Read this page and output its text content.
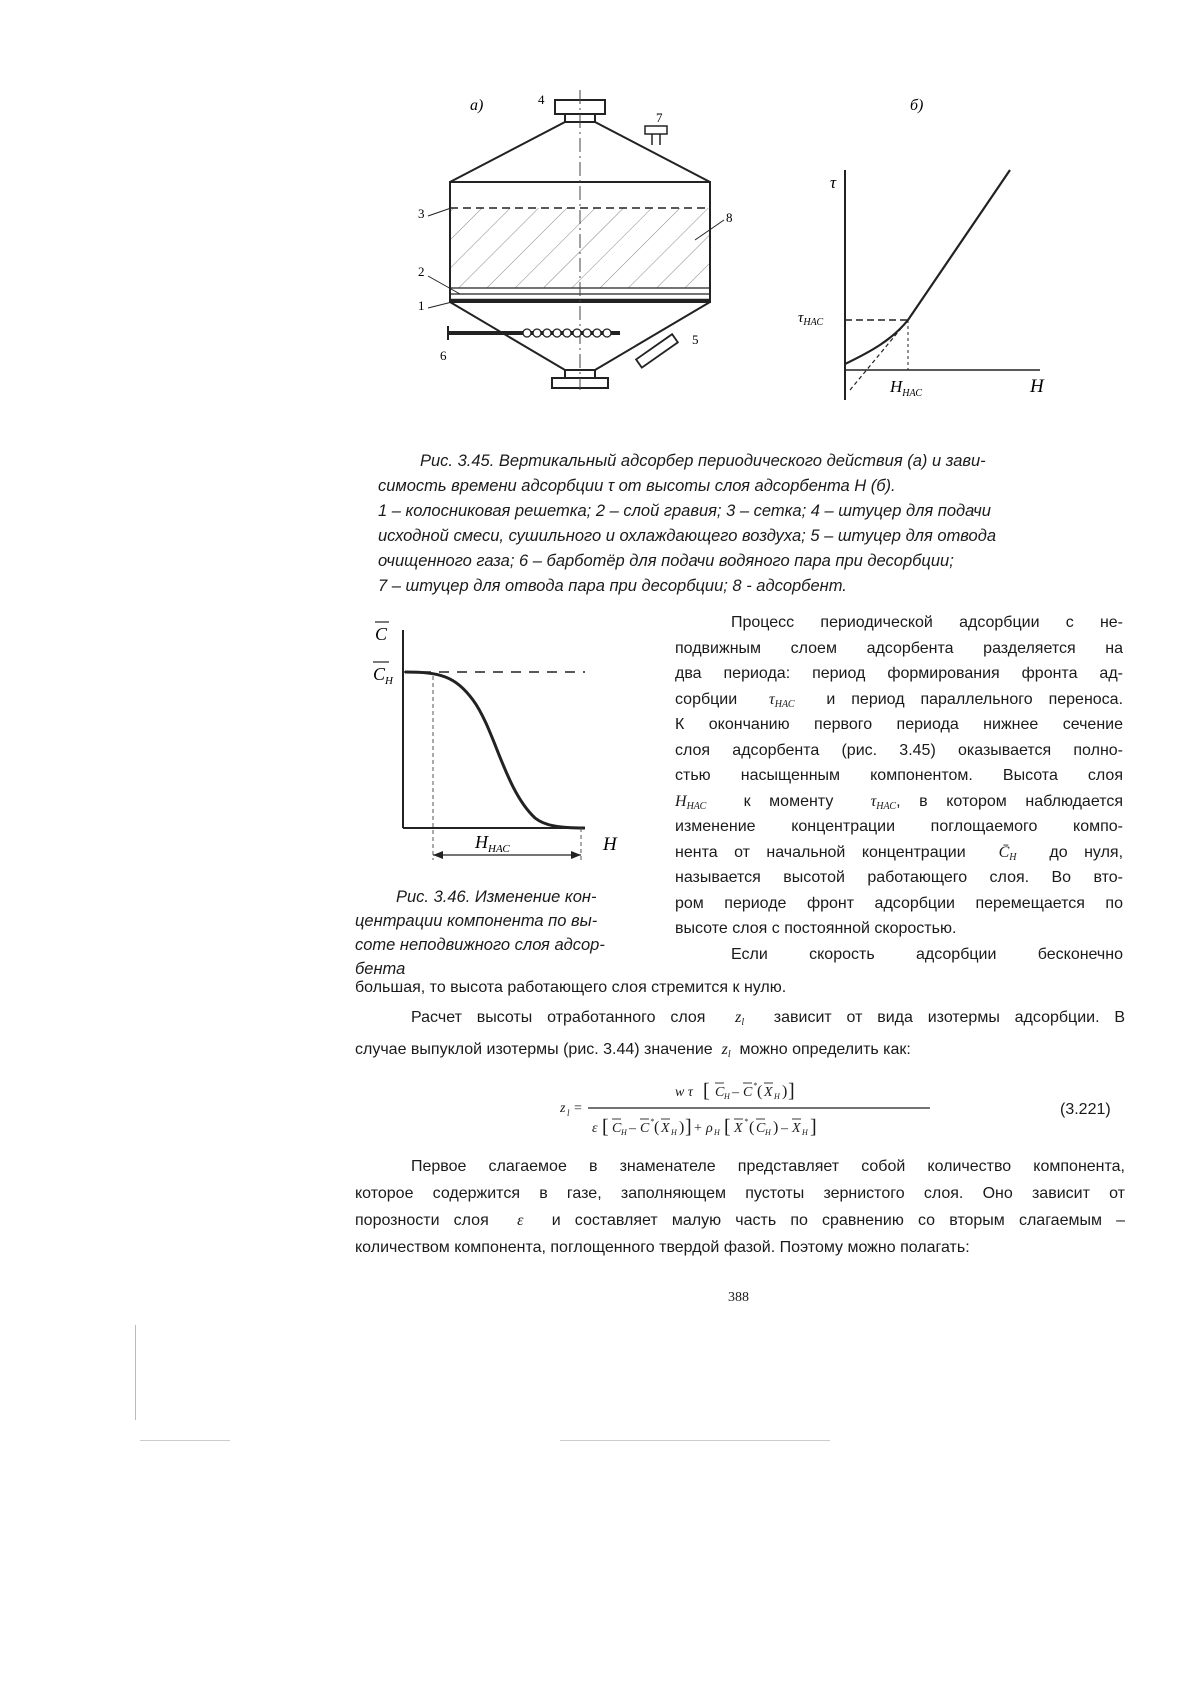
а)	4
7
6
5
3
2
1
8
б)
τ
H
$\tau_{НАС}$
$H_{НАС}$
Рис. 3.45. Вертикальный адсорбер периодического действия (а) и зави-
симость времени адсорбции τ от высоты слоя адсорбента H (б).
1 – колосниковая решетка; 2 – слой гравия; 3 – сетка; 4 – штуцер для подачи
исходной смеси, сушильного и охлаждающего воздуха; 5 – штуцер для отвода
очищенного газа; 6 – барботёр для подачи водяного пара при десорбции;
7 – штуцер для отвода пара при десорбции; 8 - адсорбент.
C
$C_Н$
H
$H_{НАС}$
Рис. 3.46. Изменение кон-
центрации компонента по вы-
соте неподвижного слоя адсор-
бента
Процесс периодической адсорбции с не-
подвижным слоем адсорбента разделяется на
два периода: период формирования фронта ад-
сорбции $\tau_{НАС}$ и период параллельного переноса.
К окончанию первого периода нижнее сечение
слоя адсорбента (рис. 3.45) оказывается полно-
стью насыщенным компонентом. Высота слоя
$H_{НАС}$ к моменту $\tau_{НАС}$, в котором наблюдается
изменение концентрации поглощаемого компо-
нента от начальной концентрации $C̄_Н$ до нуля,
называется высотой работающего слоя. Во вто-
ром периоде фронт адсорбции перемещается по
высоте слоя с постоянной скоростью.
Если скорость адсорбции бесконечно
большая, то высота работающего слоя стремится к нулю.
Расчет высоты отработанного слоя $z_l$ зависит от вида изотермы адсорбции. В
случае выпуклой изотермы (рис. 3.44) значение $z_l$ можно определить как:
z l =
w τ [ C Н – C * ( X Н ) ]
ε [ C Н – C * ( X Н ) ] + ρ Н [ X * ( C Н ) – X Н ]
(3.221)
Первое слагаемое в знаменателе представляет собой количество компонента,
которое содержится в газе, заполняющем пустоты зернистого слоя. Оно зависит от
порозности слоя ε и составляет малую часть по сравнению со вторым слагаемым –
количеством компонента, поглощенного твердой фазой. Поэтому можно полагать:
388
